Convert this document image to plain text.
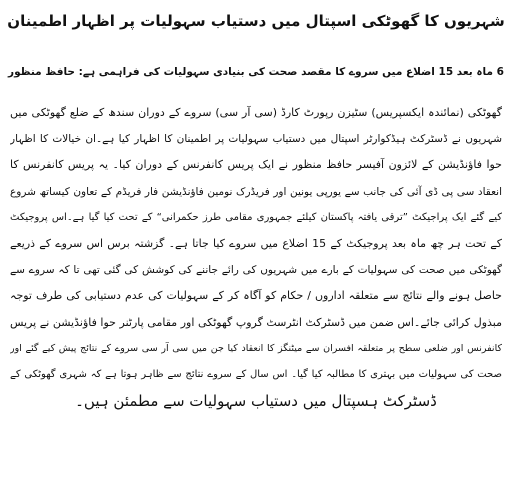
شہریوں کا گھوٹکی اسپتال میں دستیاب سہولیات پر اظہار اطمینان
6 ماہ بعد 15 اضلاع میں سروے کا مقصد صحت کی بنیادی سہولیات کی فراہمی ہے: حافظ منظور
گھوٹکی (نمائندہ ایکسپریس) سٹیزن رپورٹ کارڈ (سی آر سی) سروے کے دوران سندھ کے ضلع گھوٹکی میں
شہریوں نے ڈسٹرکٹ ہیڈکوارٹر اسپتال میں دستیاب سہولیات پر اطمینان کا اظہار کیا ہے۔ان خیالات کا اظہار
حوا فاؤنڈیشن کے لائزون آفیسر حافظ منظور نے ایک پریس کانفرنس کے دوران کیا۔ یہ پریس کانفرنس کا
انعقاد سی پی ڈی آئی کی جانب سے یورپی یونین اور فریڈرک نومین فاؤنڈیشن فار فریڈم کے تعاون کیساتھ شروع
کیے گئے ایک پراجیکٹ ”ترقی یافتہ پاکستان کیلئے جمہوری مقامی طرز حکمرانی“ کے تحت کیا گیا ہے۔اس پروجیکٹ
کے تحت ہر چھ ماہ بعد پروجیکٹ کے 15 اضلاع میں سروے کیا جاتا ہے۔ گزشتہ برس اس سروے کے ذریعے
گھوٹکی میں صحت کی سہولیات کے بارے میں شہریوں کی رائے جاننے کی کوشش کی گئی تھی تا کہ سروے سے
حاصل ہونے والے نتائج سے متعلقہ اداروں / حکام کو آگاہ کر کے سہولیات کی عدم دستیابی کی طرف توجہ
مبذول کرائی جائے۔اس ضمن میں ڈسٹرکٹ انٹرسٹ گروپ گھوٹکی اور مقامی پارٹنر حوا فاؤنڈیشن نے پریس
کانفرنس اور ضلعی سطح پر متعلقہ افسران سے میٹنگز کا انعقاد کیا جن میں سی آر سی سروے کے نتائج پیش کیے گئے اور
صحت کی سہولیات میں بہتری کا مطالبہ کیا گیا۔ اس سال کے سروے نتائج سے ظاہر ہوتا ہے کہ شہری گھوٹکی کے
ڈسٹرکٹ ہسپتال میں دستیاب سہولیات سے مطمئن ہیں۔
